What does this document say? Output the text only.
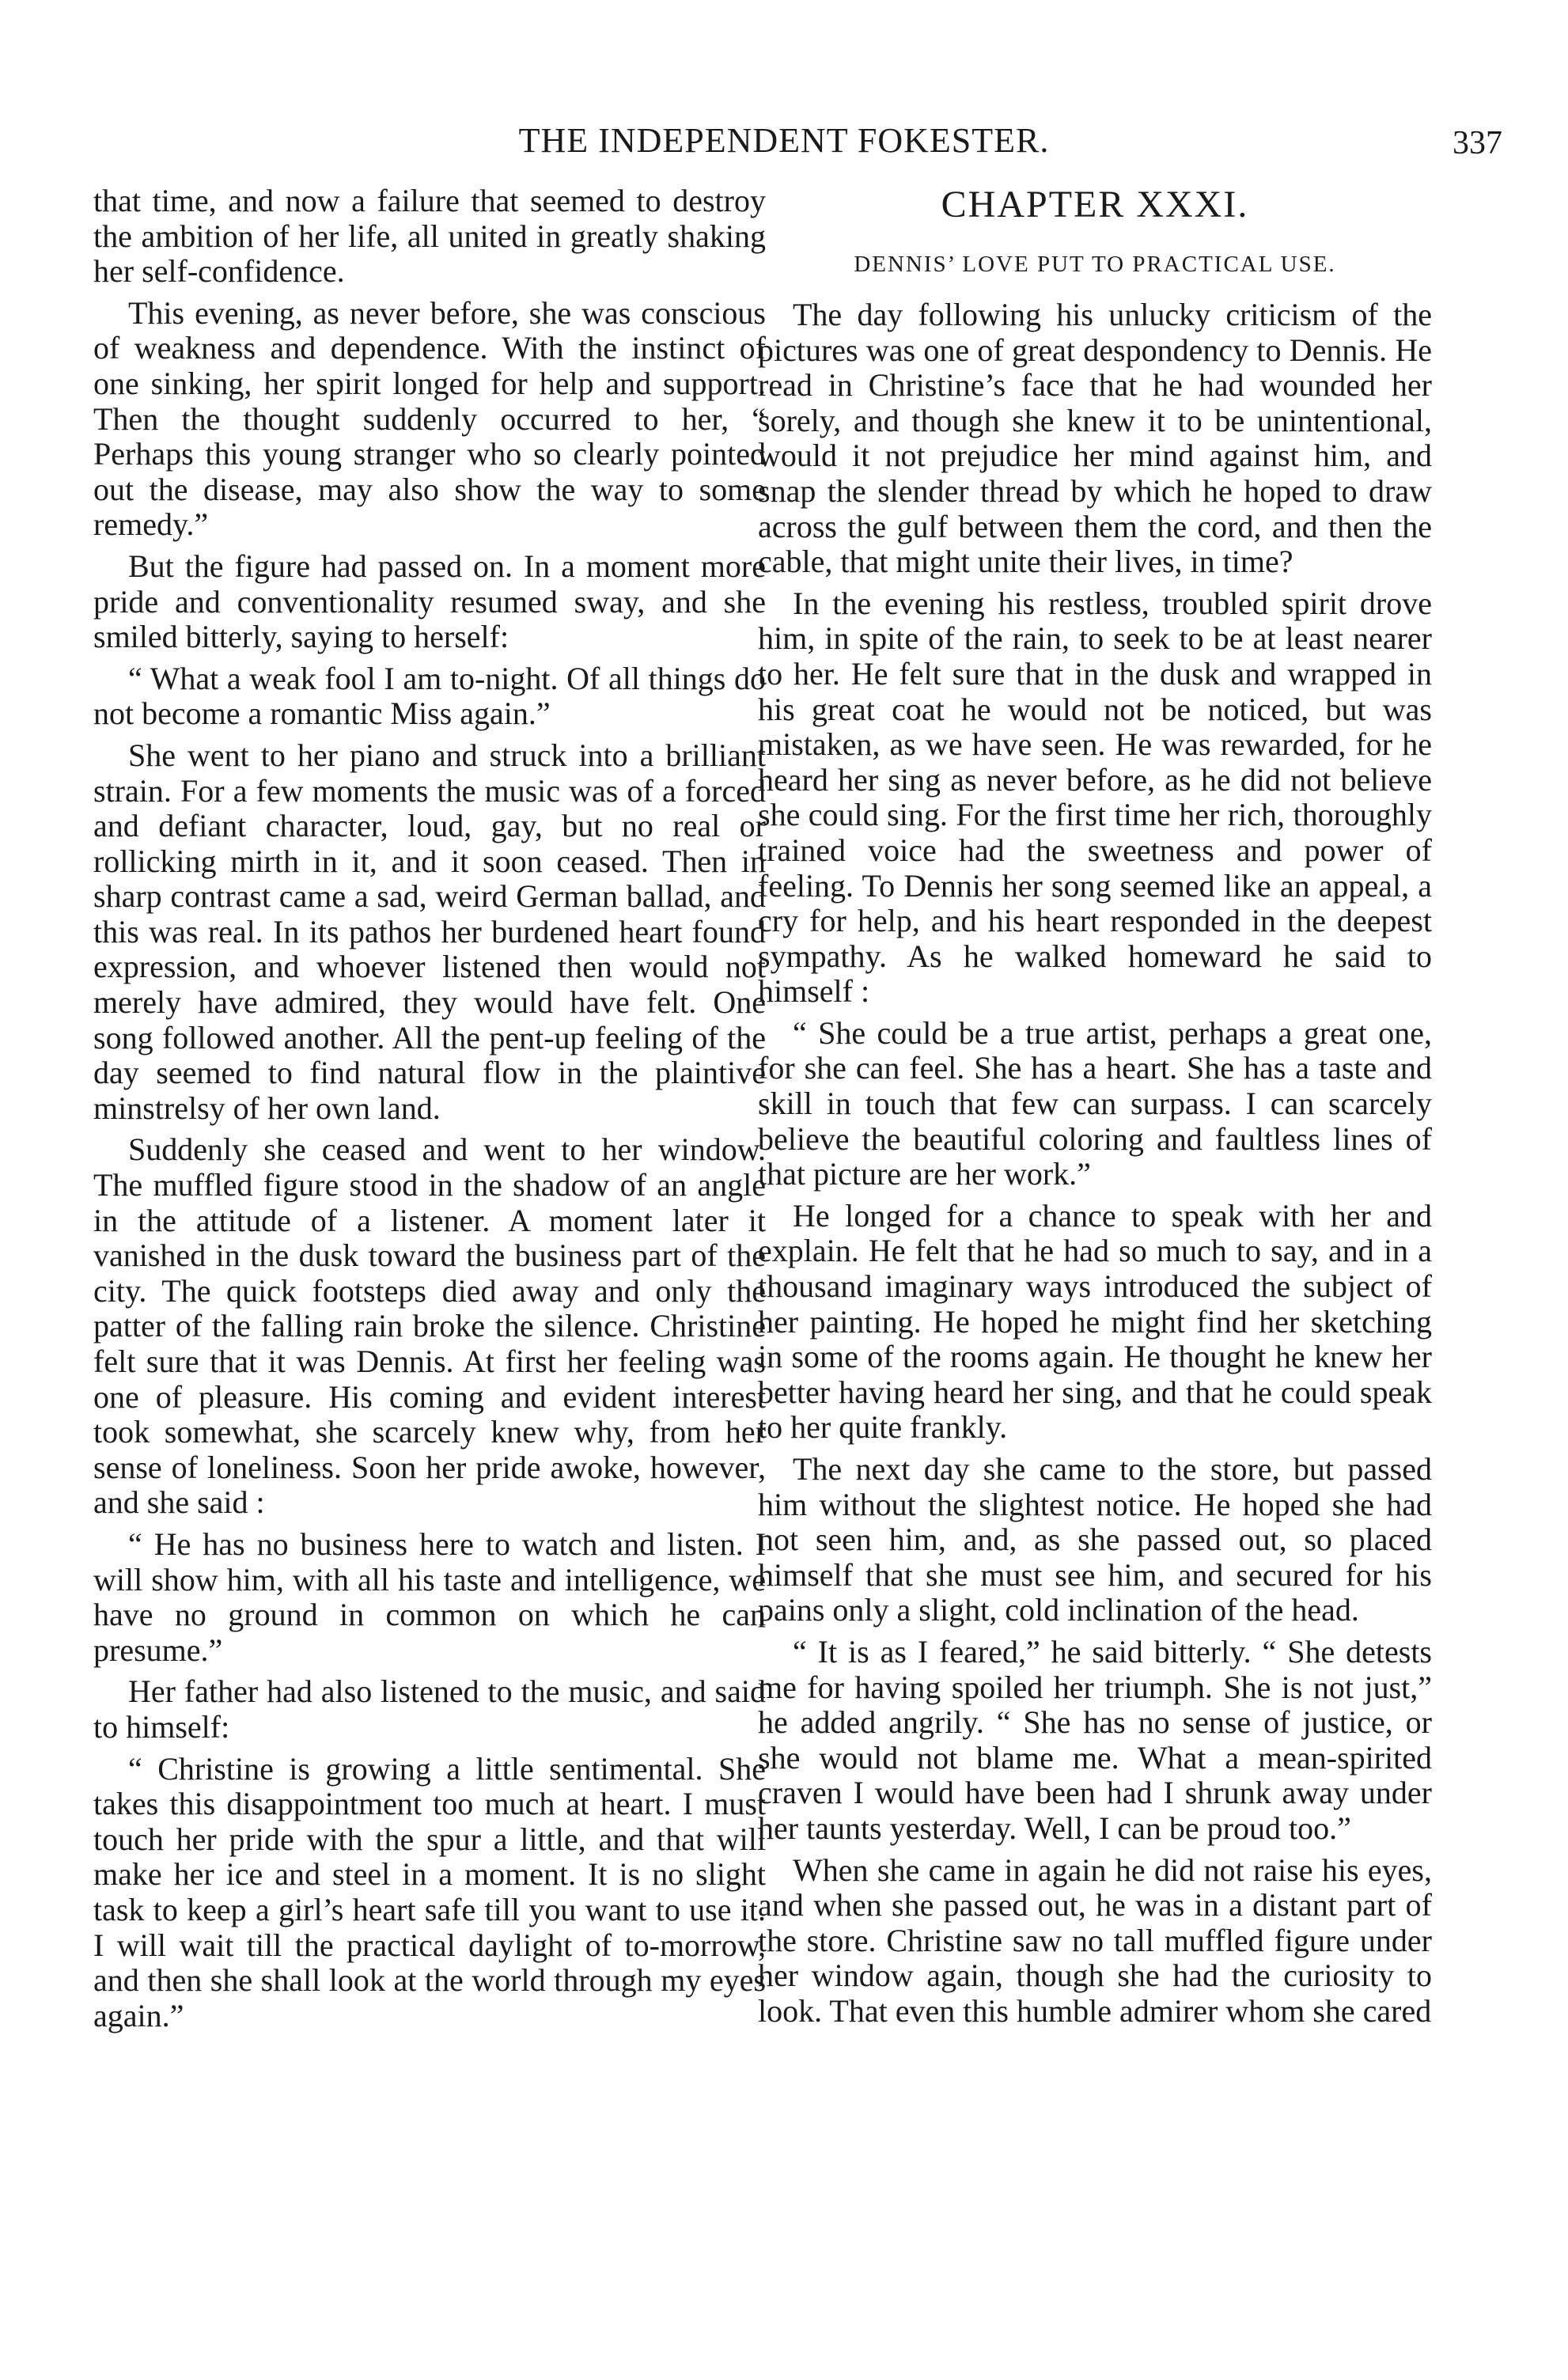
THE INDEPENDENT FOKESTER.	337

that time, and now a failure that seemed to destroy the ambition of her life, all united in greatly shaking her self-confidence.

This evening, as never before, she was conscious of weakness and dependence. With the instinct of one sinking, her spirit longed for help and support. Then the thought suddenly occurred to her, “ Perhaps this young stranger who so clearly pointed out the disease, may also show the way to some remedy.”

But the figure had passed on. In a moment more pride and conventionality resumed sway, and she smiled bitterly, saying to herself:

“ What a weak fool I am to-night. Of all things do not become a romantic Miss again.”

She went to her piano and struck into a brilliant strain. For a few moments the music was of a forced and defiant character, loud, gay, but no real or rollicking mirth in it, and it soon ceased. Then in sharp contrast came a sad, weird German ballad, and this was real. In its pathos her burdened heart found expression, and whoever listened then would not merely have admired, they would have felt. One song followed another. All the pent-up feeling of the day seemed to find natural flow in the plaintive minstrelsy of her own land.

Suddenly she ceased and went to her window. The muffled figure stood in the shadow of an angle in the attitude of a listener. A moment later it vanished in the dusk toward the business part of the city. The quick footsteps died away and only the patter of the falling rain broke the silence. Christine felt sure that it was Dennis. At first her feeling was one of pleasure. His coming and evident interest took somewhat, she scarcely knew why, from her sense of loneliness. Soon her pride awoke, however, and she said :

“ He has no business here to watch and listen. I will show him, with all his taste and intelligence, we have no ground in common on which he can presume.”

Her father had also listened to the music, and said to himself:

“ Christine is growing a little sentimental. She takes this disappointment too much at heart. I must touch her pride with the spur a little, and that will make her ice and steel in a moment. It is no slight task to keep a girl’s heart safe till you want to use it. I will wait till the practical daylight of to-morrow, and then she shall look at the world through my eyes again.”

CHAPTER XXXI.
DENNIS’ LOVE PUT TO PRACTICAL USE.

The day following his unlucky criticism of the pictures was one of great despondency to Dennis. He read in Christine’s face that he had wounded her sorely, and though she knew it to be unintentional, would it not prejudice her mind against him, and snap the slender thread by which he hoped to draw across the gulf between them the cord, and then the cable, that might unite their lives, in time?

In the evening his restless, troubled spirit drove him, in spite of the rain, to seek to be at least nearer to her. He felt sure that in the dusk and wrapped in his great coat he would not be noticed, but was mistaken, as we have seen. He was rewarded, for he heard her sing as never before, as he did not believe she could sing. For the first time her rich, thoroughly trained voice had the sweetness and power of feeling. To Dennis her song seemed like an appeal, a cry for help, and his heart responded in the deepest sympathy. As he walked homeward he said to himself :

“ She could be a true artist, perhaps a great one, for she can feel. She has a heart. She has a taste and skill in touch that few can surpass. I can scarcely believe the beautiful coloring and faultless lines of that picture are her work.”

He longed for a chance to speak with her and explain. He felt that he had so much to say, and in a thousand imaginary ways introduced the subject of her painting. He hoped he might find her sketching in some of the rooms again. He thought he knew her better having heard her sing, and that he could speak to her quite frankly.

The next day she came to the store, but passed him without the slightest notice. He hoped she had not seen him, and, as she passed out, so placed himself that she must see him, and secured for his pains only a slight, cold inclination of the head.

“ It is as I feared,” he said bitterly. “ She detests me for having spoiled her triumph. She is not just,” he added angrily. “ She has no sense of justice, or she would not blame me. What a mean-spirited craven I would have been had I shrunk away under her taunts yesterday. Well, I can be proud too.”

When she came in again he did not raise his eyes, and when she passed out, he was in a distant part of the store. Christine saw no tall muffled figure under her window again, though she had the curiosity to look. That even this humble admirer whom she cared
